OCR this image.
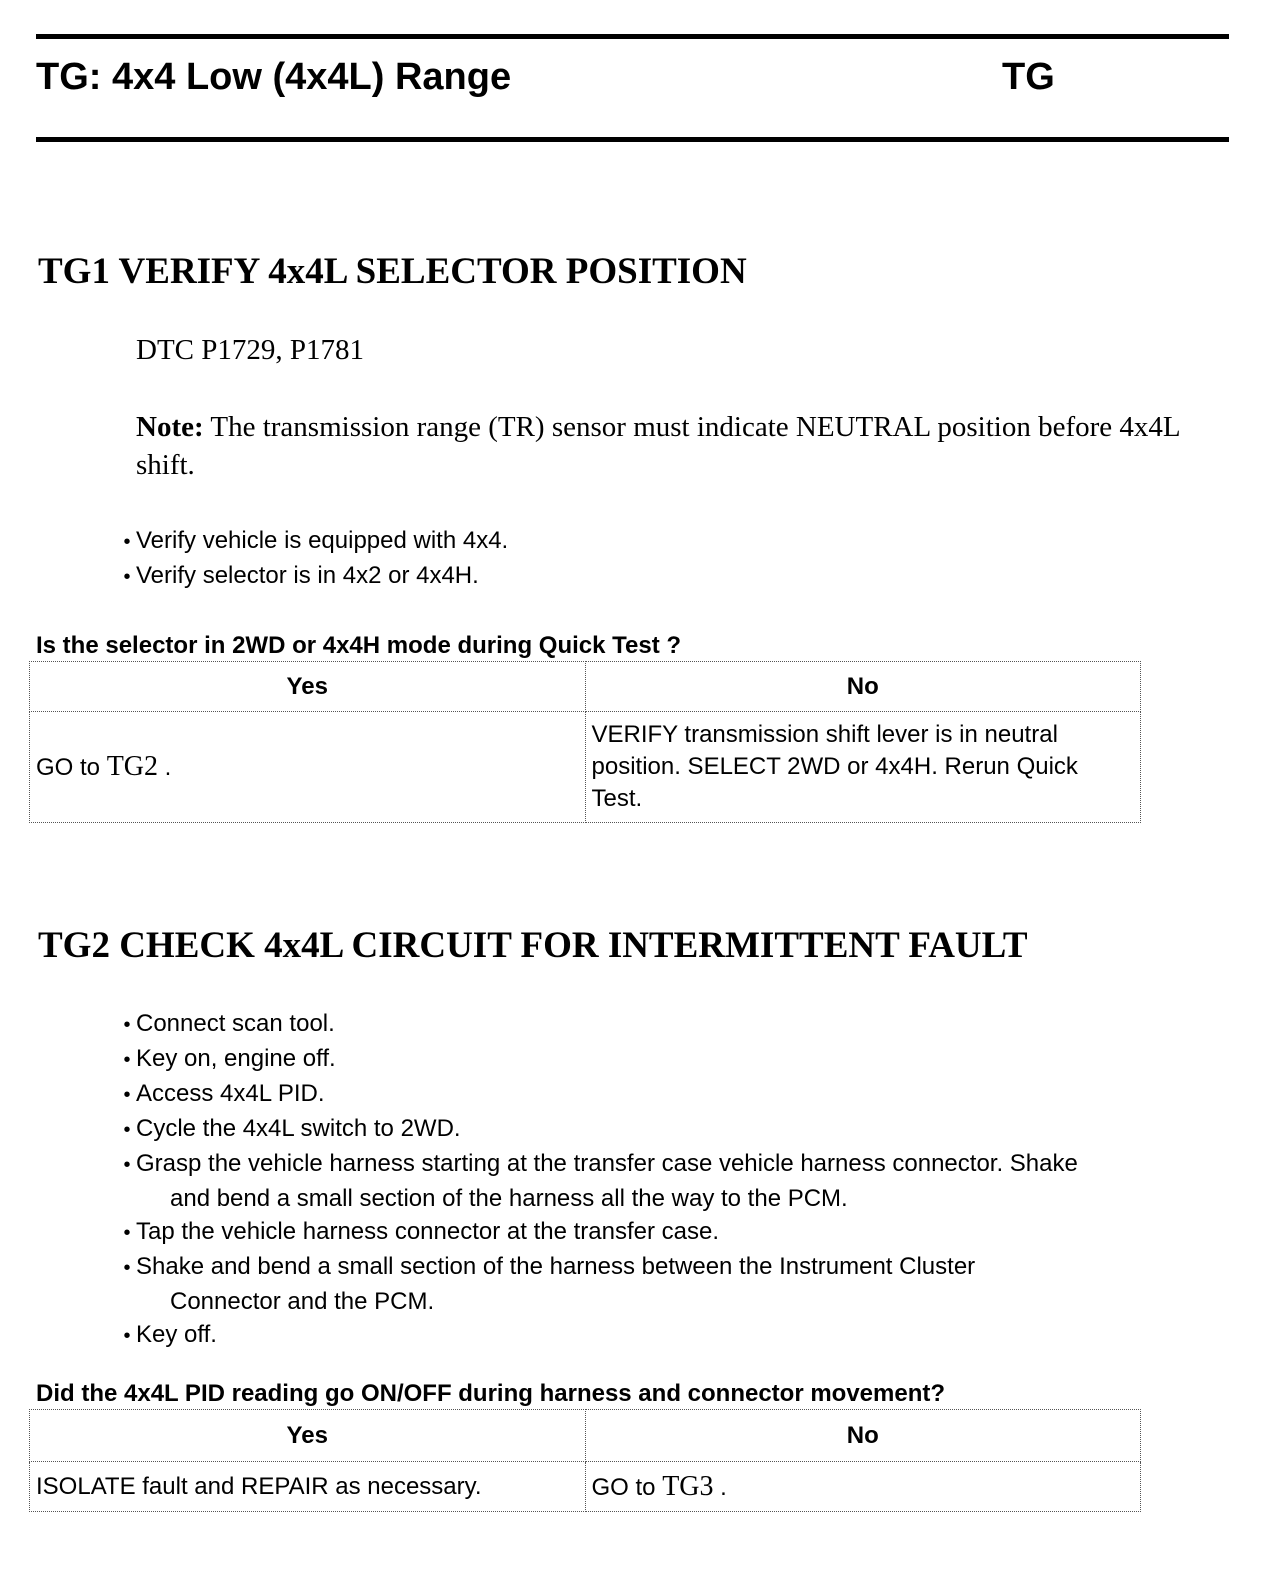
TG: 4x4 Low (4x4L) Range	TG
TG1 VERIFY 4x4L SELECTOR POSITION
DTC P1729, P1781
Note: The transmission range (TR) sensor must indicate NEUTRAL position before 4x4L shift.
• Verify vehicle is equipped with 4x4.
• Verify selector is in 4x2 or 4x4H.
Is the selector in 2WD or 4x4H mode during Quick Test ?
Yes	No
GO to TG2 .	VERIFY transmission shift lever is in neutral position. SELECT 2WD or 4x4H. Rerun Quick Test.
TG2 CHECK 4x4L CIRCUIT FOR INTERMITTENT FAULT
• Connect scan tool.
• Key on, engine off.
• Access 4x4L PID.
• Cycle the 4x4L switch to 2WD.
• Grasp the vehicle harness starting at the transfer case vehicle harness connector. Shake
and bend a small section of the harness all the way to the PCM.
• Tap the vehicle harness connector at the transfer case.
• Shake and bend a small section of the harness between the Instrument Cluster
Connector and the PCM.
• Key off.
Did the 4x4L PID reading go ON/OFF during harness and connector movement?
Yes	No
ISOLATE fault and REPAIR as necessary.	GO to TG3 .
